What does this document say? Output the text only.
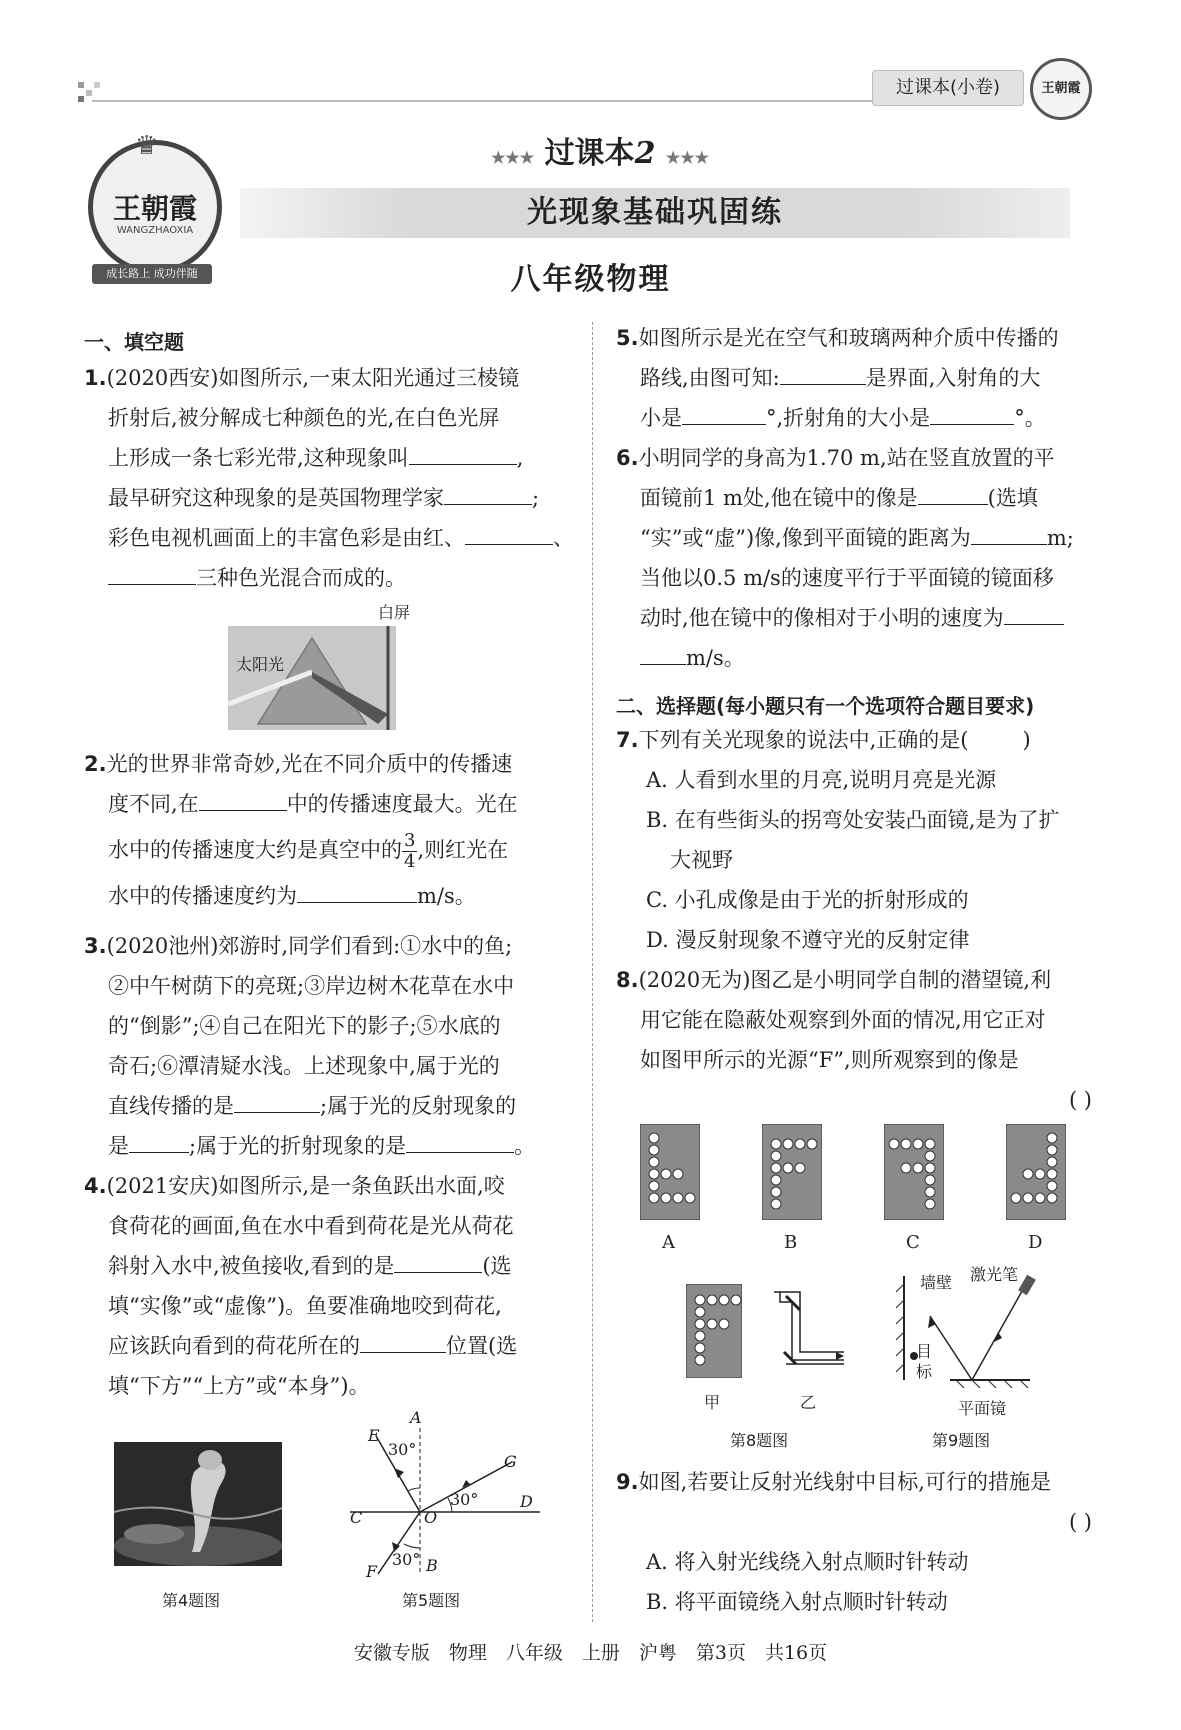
过课本(小卷)	王朝霞
♛
王朝霞
WANGZHAOXIA
成长路上 成功伴随
★★★ 过课本2 ★★★
光现象基础巩固练
八年级物理
一、填空题

1.(2020西安)如图所示,一束太阳光通过三棱镜

折射后,被分解成七种颜色的光,在白色光屏

上形成一条七彩光带,这种现象叫	,

最早研究这种现象的是英国物理学家	;

彩色电视机画面上的丰富色彩是由红、	、

三种色光混合而成的。

白屏
太阳光

2.光的世界非常奇妙,光在不同介质中的传播速

度不同,在	中的传播速度最大。光在

水中的传播速度大约是真空中的 $\frac{3}{4}$ ,则红光在

水中的传播速度约为	m/s。

3.(2020池州)郊游时,同学们看到:①水中的鱼;

②中午树荫下的亮斑;③岸边树木花草在水中

的“倒影”;④自己在阳光下的影子;⑤水底的

奇石;⑥潭清疑水浅。上述现象中,属于光的

直线传播的是	;属于光的反射现象的

是	;属于光的折射现象的是	。

4.(2021安庆)如图所示,是一条鱼跃出水面,咬

食荷花的画面,鱼在水中看到荷花是光从荷花

斜射入水中,被鱼接收,看到的是	(选

填“实像”或“虚像”)。鱼要准确地咬到荷花,

应该跃向看到的荷花所在的	位置(选

填“下方”“上方”或“本身”)。

第4题图
A
E
G
C	O
D
F	B
30°
30°
30°
第5题图

5.如图所示是光在空气和玻璃两种介质中传播的

路线,由图可知:	是界面,入射角的大

小是	°,折射角的大小是	°。

6.小明同学的身高为1.70 m,站在竖直放置的平

面镜前1 m处,他在镜中的像是	(选填

“实”或“虚”)像,像到平面镜的距离为	m;

当他以0.5 m/s的速度平行于平面镜的镜面移

动时,他在镜中的像相对于小明的速度为

m/s。

二、选择题(每小题只有一个选项符合题目要求)

7.下列有关光现象的说法中,正确的是(	)

A. 人看到水里的月亮,说明月亮是光源

B. 在有些街头的拐弯处安装凸面镜,是为了扩

大视野

C. 小孔成像是由于光的折射形成的

D. 漫反射现象不遵守光的反射定律

8.(2020无为)图乙是小明同学自制的潜望镜,利

用它能在隐蔽处观察到外面的情况,用它正对

如图甲所示的光源“F”,则所观察到的像是

( )

A	B	C	D
甲	乙
第8题图
墙壁 激光笔
目标
平面镜
第9题图

9.如图,若要让反射光线射中目标,可行的措施是

( )

A. 将入射光线绕入射点顺时针转动

B. 将平面镜绕入射点顺时针转动

安徽专版　物理　八年级　上册　沪粤　第3页　共16页
